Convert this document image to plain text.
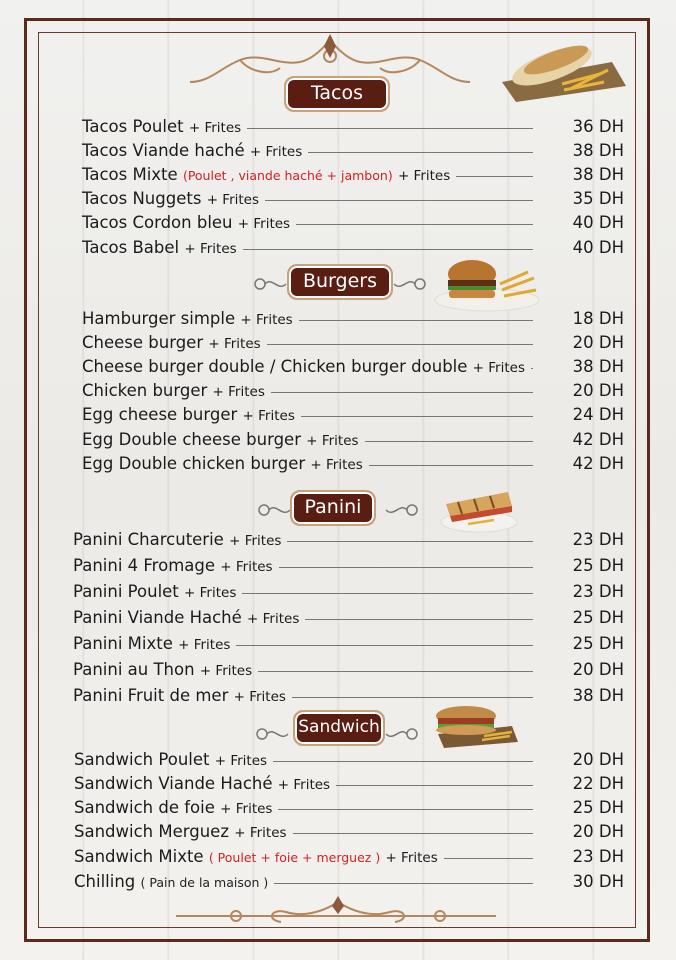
Tacos
Burgers
Panini
Sandwich
Tacos Poulet + Frites	36 DH
Tacos Viande haché + Frites	38 DH
Tacos Mixte (Poulet , viande haché + jambon) + Frites	38 DH
Tacos Nuggets + Frites	35 DH
Tacos Cordon bleu + Frites	40 DH
Tacos Babel + Frites	40 DH
Hamburger simple + Frites	18 DH
Cheese burger + Frites	20 DH
Cheese burger double / Chicken burger double + Frites	38 DH
Chicken burger + Frites	20 DH
Egg cheese burger + Frites	24 DH
Egg Double cheese burger + Frites	42 DH
Egg Double chicken burger + Frites	42 DH
Panini Charcuterie + Frites	23 DH
Panini 4 Fromage + Frites	25 DH
Panini Poulet + Frites	23 DH
Panini Viande Haché + Frites	25 DH
Panini Mixte + Frites	25 DH
Panini au Thon + Frites	20 DH
Panini Fruit de mer + Frites	38 DH
Sandwich Poulet + Frites	20 DH
Sandwich Viande Haché + Frites	22 DH
Sandwich de foie + Frites	25 DH
Sandwich Merguez + Frites	20 DH
Sandwich Mixte ( Poulet + foie + merguez ) + Frites	23 DH
Chilling ( Pain de la maison )	30 DH
